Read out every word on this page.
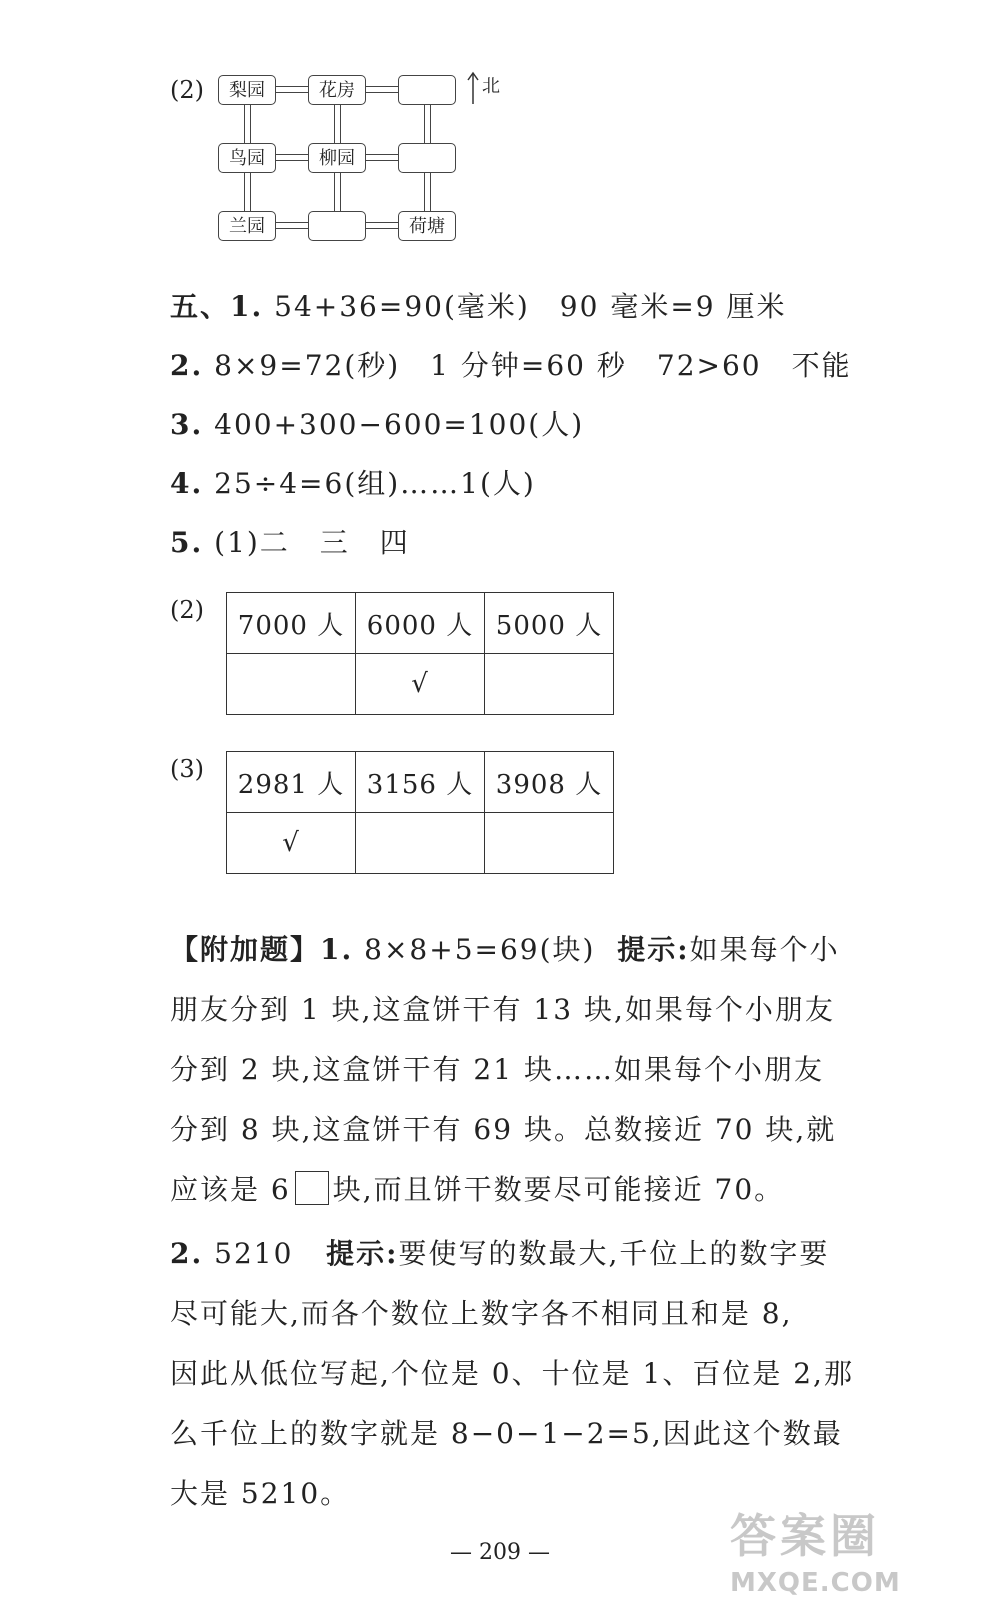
(2)	梨园	花房
鸟园	柳园
兰园	荷塘
北
五、1. 54+36=90(毫米)　90 毫米=9 厘米
2. 8×9=72(秒)　1 分钟=60 秒　72>60　不能
3. 400+300−600=100(人)
4. 25÷4=6(组)……1(人)
5. (1)二　三　四
(2)
7000 人	6000 人	5000 人
	√	
(3)
2981 人	3156 人	3908 人
√		
【附加题】1. 8×8+5=69(块) 提示:如果每个小
朋友分到 1 块,这盒饼干有 13 块,如果每个小朋友
分到 2 块,这盒饼干有 21 块……如果每个小朋友
分到 8 块,这盒饼干有 69 块。总数接近 70 块,就
应该是 6 块,而且饼干数要尽可能接近 70。
2. 5210 提示:要使写的数最大,千位上的数字要
尽可能大,而各个数位上数字各不相同且和是 8,
因此从低位写起,个位是 0、十位是 1、百位是 2,那
么千位上的数字就是 8−0−1−2=5,因此这个数最
大是 5210。
— 209 —	答案圈
MXQE.COM
